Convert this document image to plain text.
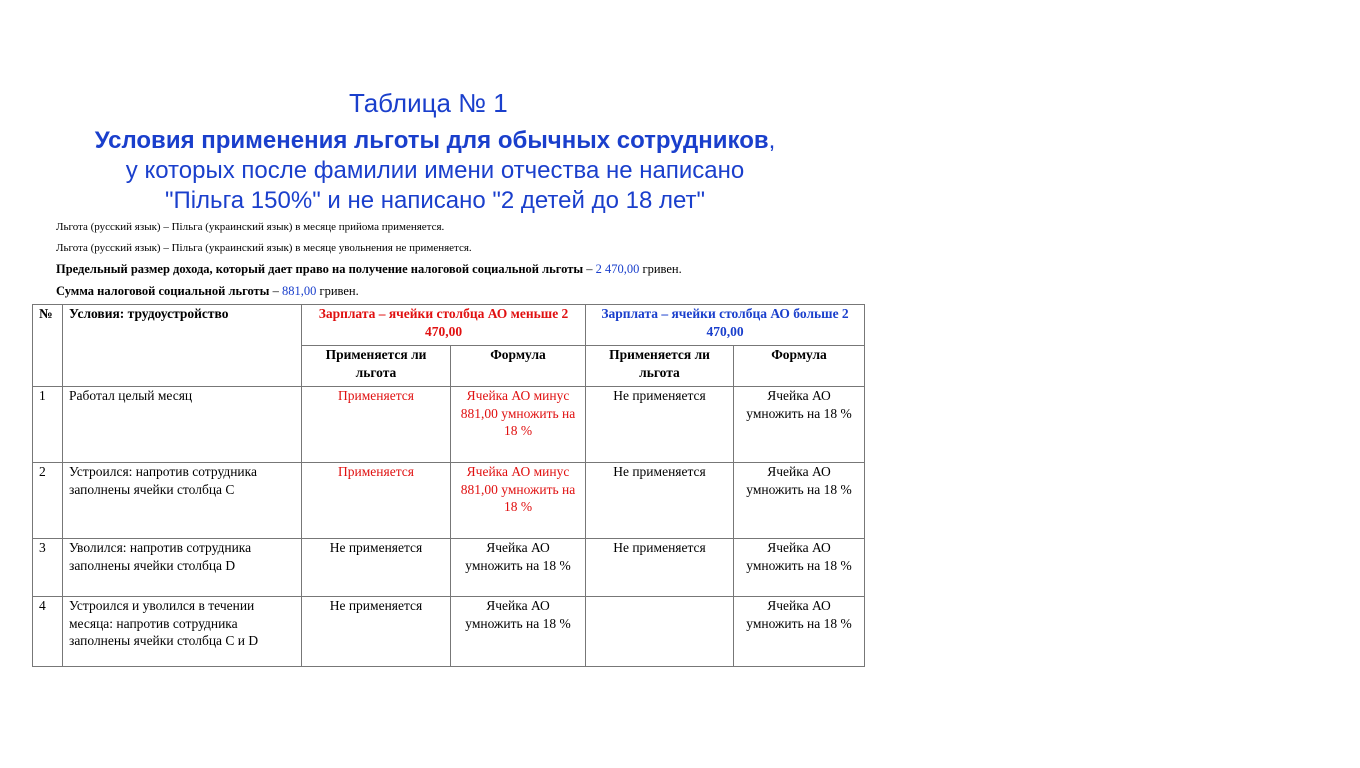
Таблица № 1
Условия применения льготы для обычных сотрудников,
у которых после фамилии имени отчества не написано
"Пільга 150%" и не написано "2 детей до 18 лет"
Льгота (русский язык) – Пільга (украинский язык) в месяце прийома применяется.
Льгота (русский язык) – Пільга (украинский язык) в месяце увольнения не применяется.
Предельный размер дохода, который дает право на получение налоговой социальной льготы – 2 470,00 гривен.
Сумма налоговой социальной льготы – 881,00 гривен.
№	Условия: трудоустройство	Зарплата – ячейки столбца АО меньше 2 470,00		Зарплата – ячейки столбца АО больше 2 470,00	
		Применяется ли льгота	Формула	Применяется ли льгота	Формула
1	Работал целый месяц	Применяется	Ячейка АО минус 881,00 умножить на 18 %	Не применяется	Ячейка АО умножить на 18 %
2	Устроился: напротив сотрудника заполнены ячейки столбца С	Применяется	Ячейка АО минус 881,00 умножить на 18 %	Не применяется	Ячейка АО умножить на 18 %
3	Уволился: напротив сотрудника заполнены ячейки столбца D	Не применяется	Ячейка АО умножить на 18 %	Не применяется	Ячейка АО умножить на 18 %
4	Устроился и уволился в течении месяца: напротив сотрудника заполнены ячейки столбца С и D	Не применяется	Ячейка АО умножить на 18 %		Ячейка АО умножить на 18 %
